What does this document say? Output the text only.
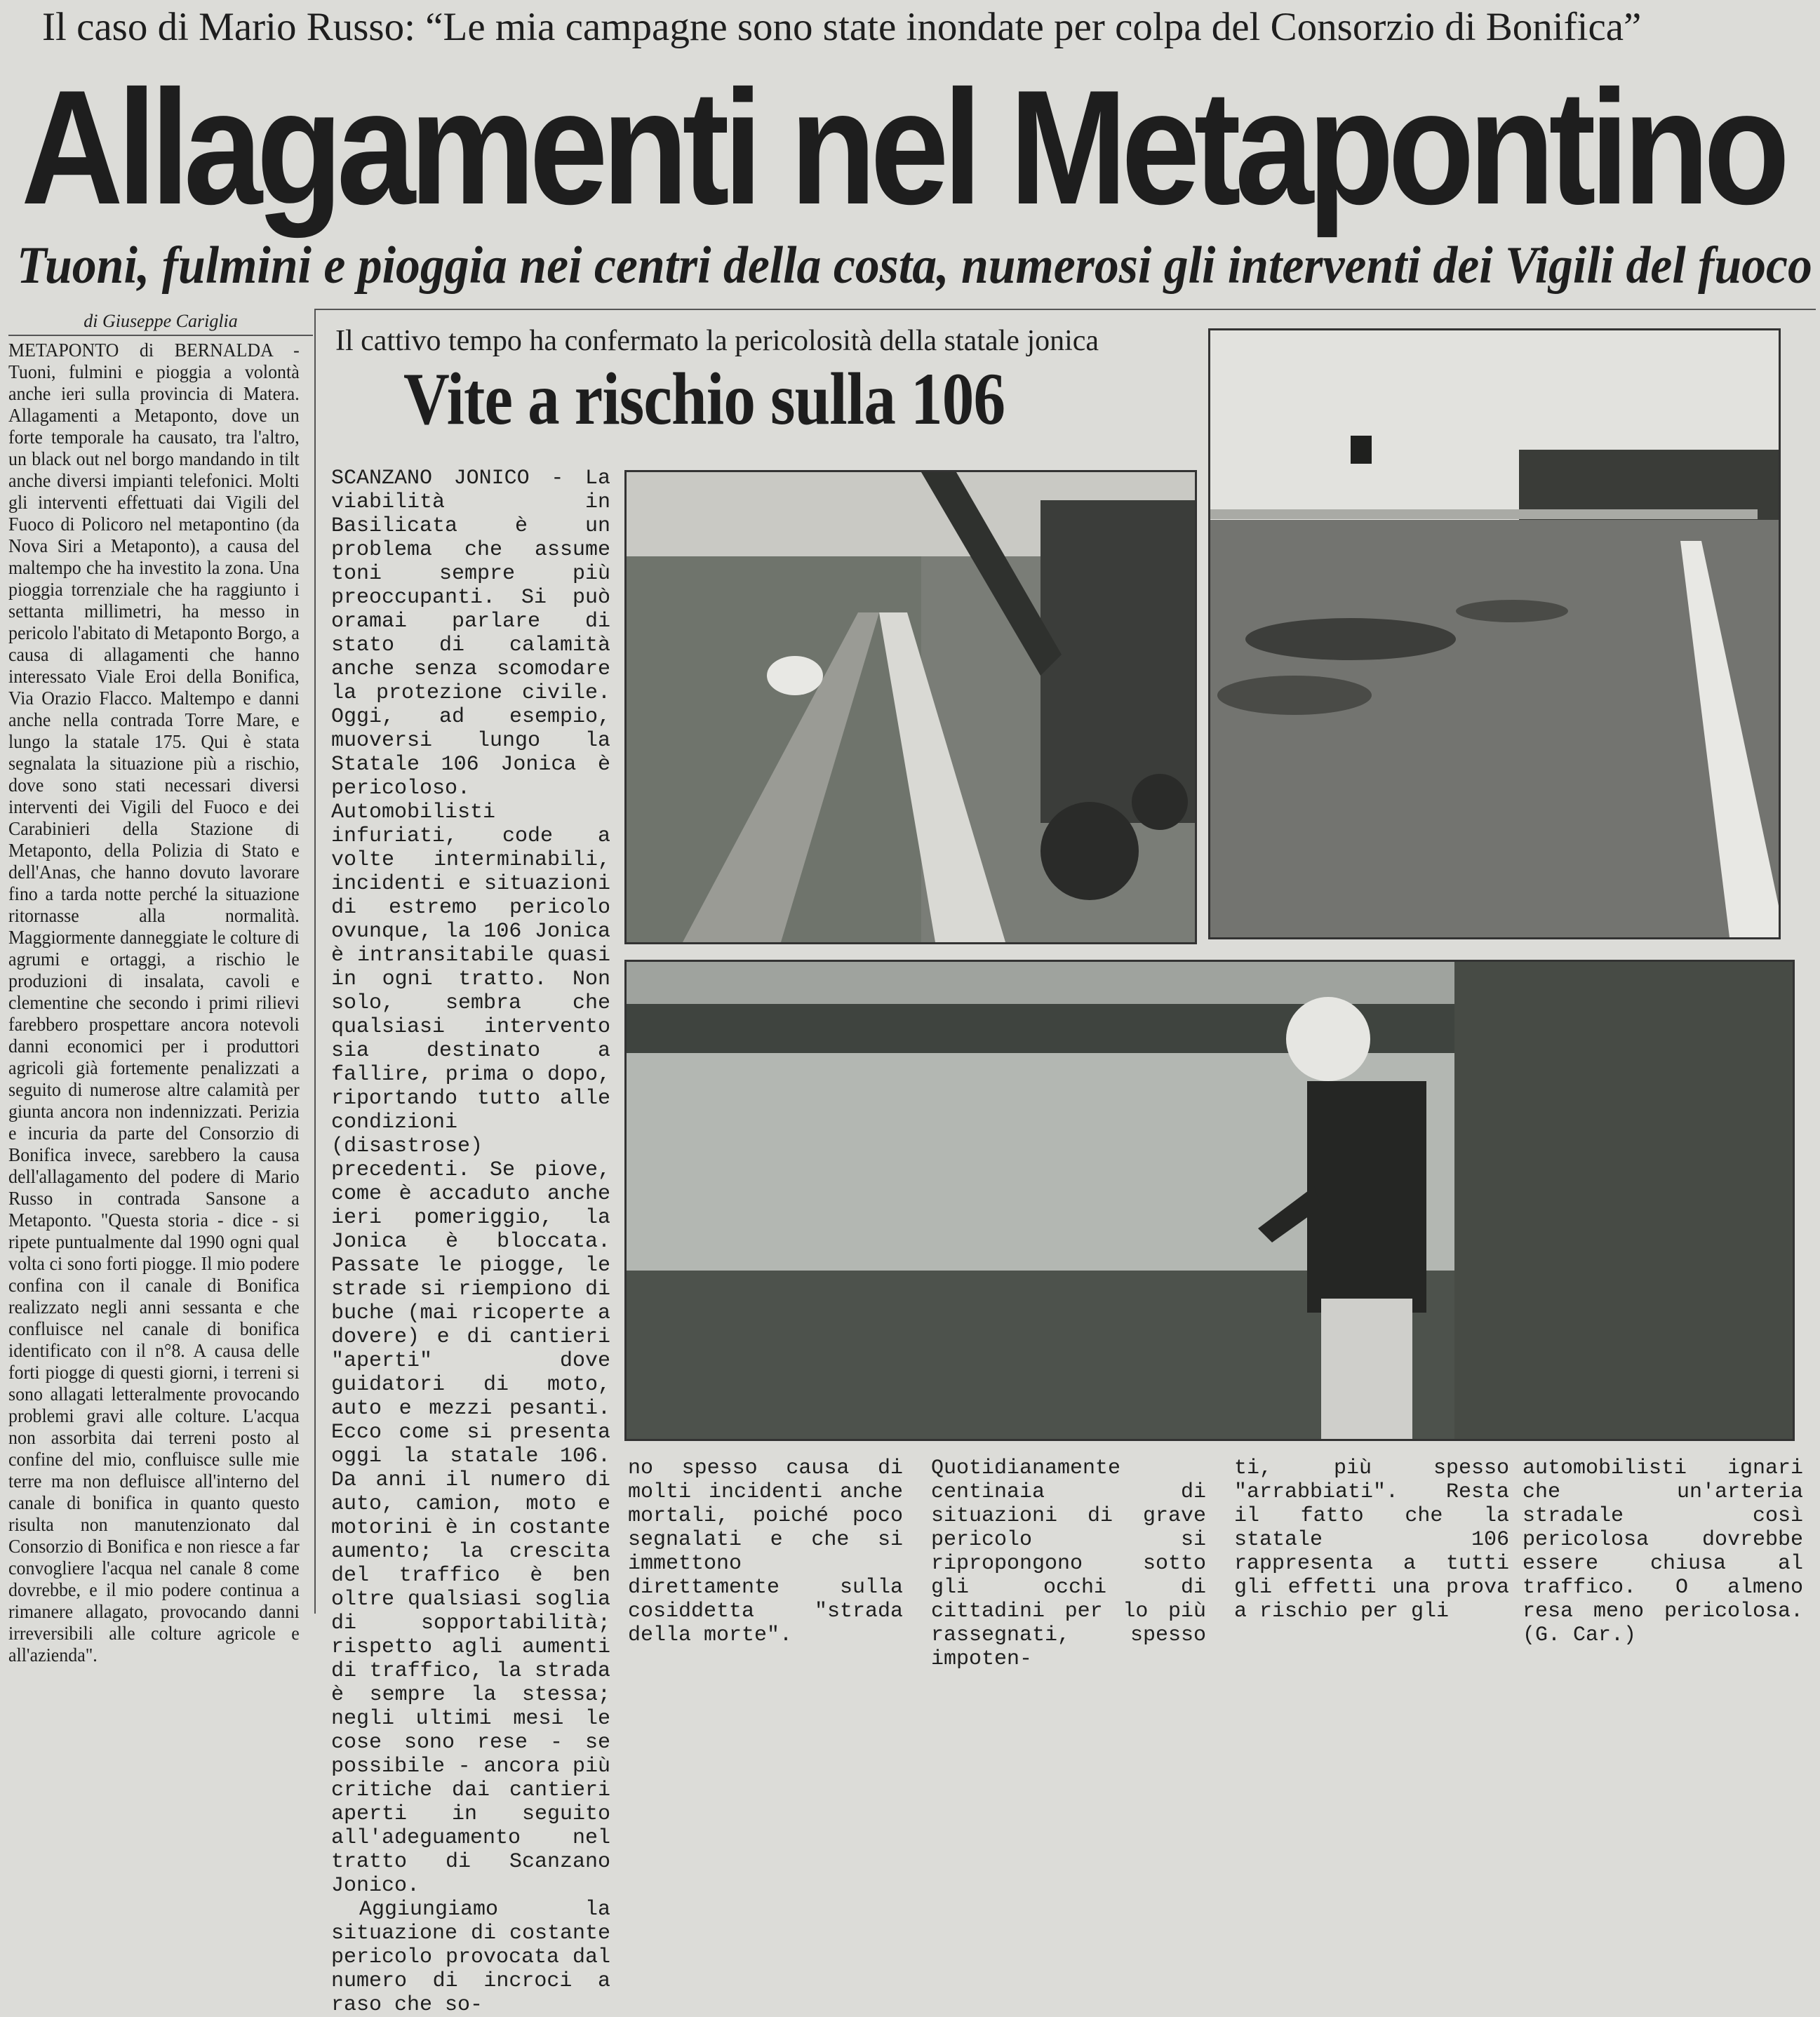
Il caso di Mario Russo: “Le mia campagne sono state inondate per colpa del Consorzio di Bonifica”
Allagamenti nel Metapontino
Tuoni, fulmini e pioggia nei centri della costa, numerosi gli interventi dei Vigili del fuoco
di Giuseppe Cariglia
METAPONTO di BERNALDA - Tuoni, fulmini e pioggia a volontà anche ieri sulla provincia di Matera. Allagamenti a Metaponto, dove un forte temporale ha causato, tra l'altro, un black out nel borgo mandando in tilt anche diversi impianti telefonici. Molti gli interventi effettuati dai Vigili del Fuoco di Policoro nel metapontino (da Nova Siri a Metaponto), a causa del maltempo che ha investito la zona. Una pioggia torrenziale che ha raggiunto i settanta millimetri, ha messo in pericolo l'abitato di Metaponto Borgo, a causa di allagamenti che hanno interessato Viale Eroi della Bonifica, Via Orazio Flacco. Maltempo e danni anche nella contrada Torre Mare, e lungo la statale 175. Qui è stata segnalata la situazione più a rischio, dove sono stati necessari diversi interventi dei Vigili del Fuoco e dei Carabinieri della Stazione di Metaponto, della Polizia di Stato e dell'Anas, che hanno dovuto lavorare fino a tarda notte perché la situazione ritornasse alla normalità. Maggiormente danneggiate le colture di agrumi e ortaggi, a rischio le produzioni di insalata, cavoli e clementine che secondo i primi rilievi farebbero prospettare ancora notevoli danni economici per i produttori agricoli già fortemente penalizzati a seguito di numerose altre calamità per giunta ancora non indennizzati. Perizia e incuria da parte del Consorzio di Bonifica invece, sarebbero la causa dell'allagamento del podere di Mario Russo in contrada Sansone a Metaponto. "Questa storia - dice - si ripete puntualmente dal 1990 ogni qual volta ci sono forti piogge. Il mio podere confina con il canale di Bonifica realizzato negli anni sessanta e che confluisce nel canale di bonifica identificato con il n°8. A causa delle forti piogge di questi giorni, i terreni si sono allagati letteralmente provocando problemi gravi alle colture. L'acqua non assorbita dai terreni posto al confine del mio, confluisce sulle mie terre ma non defluisce all'interno del canale di bonifica in quanto questo risulta non manutenzionato dal Consorzio di Bonifica e non riesce a far convogliere l'acqua nel canale 8 come dovrebbe, e il mio podere continua a rimanere allagato, provocando danni irreversibili alle colture agricole e all'azienda".
Il cattivo tempo ha confermato la pericolosità della statale jonica
Vite a rischio sulla 106
SCANZANO JONICO - La viabilità in Basilicata è un problema che assume toni sempre più preoccupanti. Si può oramai parlare di stato di calamità anche senza scomodare la protezione civile. Oggi, ad esempio, muoversi lungo la Statale 106 Jonica è pericoloso. Automobilisti infuriati, code a volte interminabili, incidenti e situazioni di estremo pericolo ovunque, la 106 Jonica è intransitabile quasi in ogni tratto. Non solo, sembra che qualsiasi intervento sia destinato a fallire, prima o dopo, riportando tutto alle condizioni (disastrose) precedenti. Se piove, come è accaduto anche ieri pomeriggio, la Jonica è bloccata. Passate le piogge, le strade si riempiono di buche (mai ricoperte a dovere) e di cantieri "aperti" dove guidatori di moto, auto e mezzi pesanti. Ecco come si presenta oggi la statale 106. Da anni il numero di auto, camion, moto e motorini è in costante aumento; la crescita del traffico è ben oltre qualsiasi soglia di sopportabilità; rispetto agli aumenti di traffico, la strada è sempre la stessa; negli ultimi mesi le cose sono rese - se possibile - ancora più critiche dai cantieri aperti in seguito all'adeguamento nel tratto di Scanzano Jonico.
Aggiungiamo la situazione di costante pericolo provocata dal numero di incroci a raso che so-
no spesso causa di molti incidenti anche mortali, poiché poco segnalati e che si immettono direttamente sulla cosiddetta "strada della morte".
Quotidianamente centinaia di situazioni di grave pericolo si ripropongono sotto gli occhi di cittadini per lo più rassegnati, spesso impoten-
ti, più spesso "arrabbiati". Resta il fatto che la statale 106 rappresenta a tutti gli effetti una prova a rischio per gli
automobilisti ignari che un'arteria stradale così pericolosa dovrebbe essere chiusa al traffico. O almeno resa meno pericolosa. (G. Car.)
